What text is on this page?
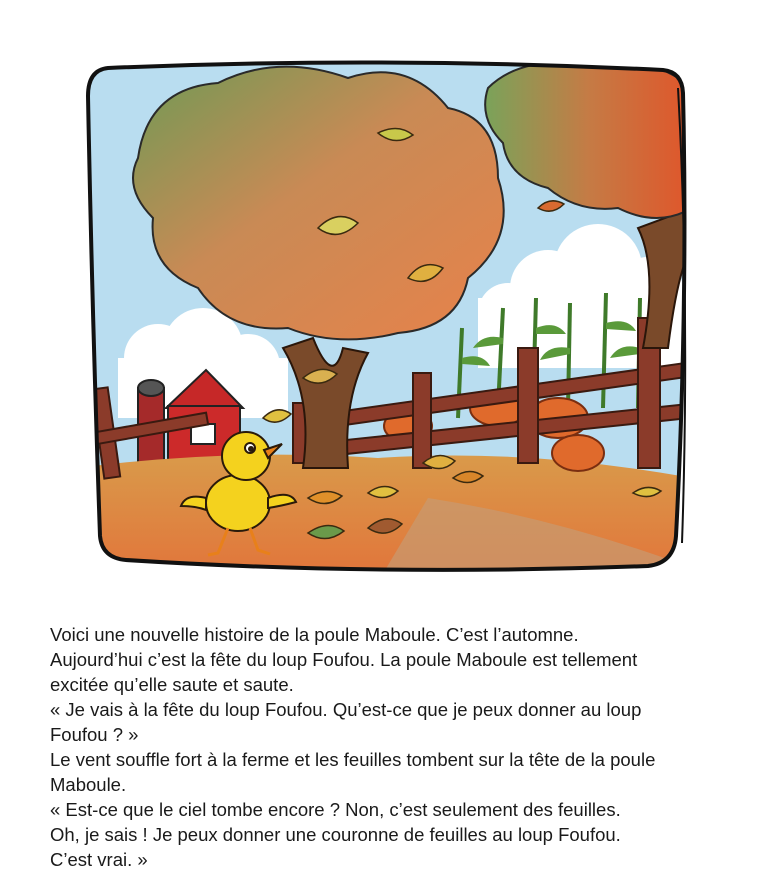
Voici une nouvelle histoire de la poule Maboule. C’est l’automne.

Aujourd’hui c’est la fête du loup Foufou. La poule Maboule est tellement

excitée qu’elle saute et saute.

« Je vais à la fête du loup Foufou. Qu’est-ce que je peux donner au loup

Foufou ? »

Le vent souffle fort à la ferme et les feuilles tombent sur la tête de la poule

Maboule.

« Est-ce que le ciel tombe encore ? Non, c’est seulement des feuilles.

Oh, je sais ! Je peux donner une couronne de feuilles au loup Foufou.

C’est vrai. »
